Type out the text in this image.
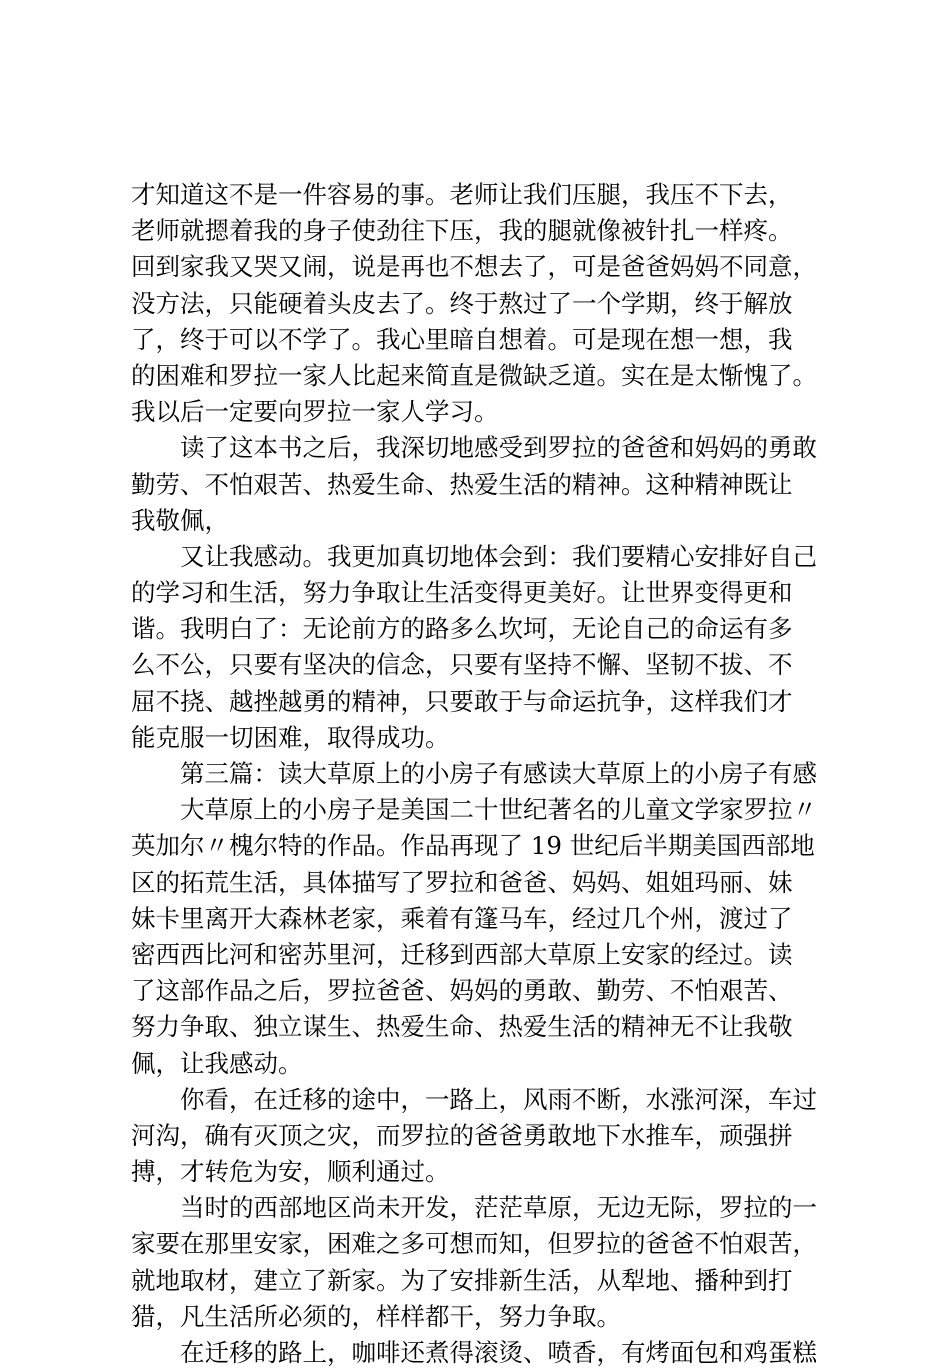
才知道这不是一件容易的事。老师让我们压腿，我压不下去，
老师就摁着我的身子使劲往下压，我的腿就像被针扎一样疼。
回到家我又哭又闹，说是再也不想去了，可是爸爸妈妈不同意，
没方法，只能硬着头皮去了。终于熬过了一个学期，终于解放
了，终于可以不学了。我心里暗自想着。可是现在想一想，我
的困难和罗拉一家人比起来简直是微缺乏道。实在是太惭愧了。
我以后一定要向罗拉一家人学习。
读了这本书之后，我深切地感受到罗拉的爸爸和妈妈的勇敢
勤劳、不怕艰苦、热爱生命、热爱生活的精神。这种精神既让
我敬佩，
又让我感动。我更加真切地体会到：我们要精心安排好自己
的学习和生活，努力争取让生活变得更美好。让世界变得更和
谐。我明白了：无论前方的路多么坎坷，无论自己的命运有多
么不公，只要有坚决的信念，只要有坚持不懈、坚韧不拔、不
屈不挠、越挫越勇的精神，只要敢于与命运抗争，这样我们才
能克服一切困难，取得成功。
第三篇：读大草原上的小房子有感读大草原上的小房子有感
大草原上的小房子是美国二十世纪著名的儿童文学家罗拉〃
英加尔〃槐尔特的作品。作品再现了 19 世纪后半期美国西部地
区的拓荒生活，具体描写了罗拉和爸爸、妈妈、姐姐玛丽、妹
妹卡里离开大森林老家，乘着有篷马车，经过几个州，渡过了
密西西比河和密苏里河，迁移到西部大草原上安家的经过。读
了这部作品之后，罗拉爸爸、妈妈的勇敢、勤劳、不怕艰苦、
努力争取、独立谋生、热爱生命、热爱生活的精神无不让我敬
佩，让我感动。
你看，在迁移的途中，一路上，风雨不断，水涨河深，车过
河沟，确有灭顶之灾，而罗拉的爸爸勇敢地下水推车，顽强拼
搏，才转危为安，顺利通过。
当时的西部地区尚未开发，茫茫草原，无边无际，罗拉的一
家要在那里安家，困难之多可想而知，但罗拉的爸爸不怕艰苦，
就地取材，建立了新家。为了安排新生活，从犁地、播种到打
猎，凡生活所必须的，样样都干，努力争取。
在迁移的路上，咖啡还煮得滚烫、喷香，有烤面包和鸡蛋糕
